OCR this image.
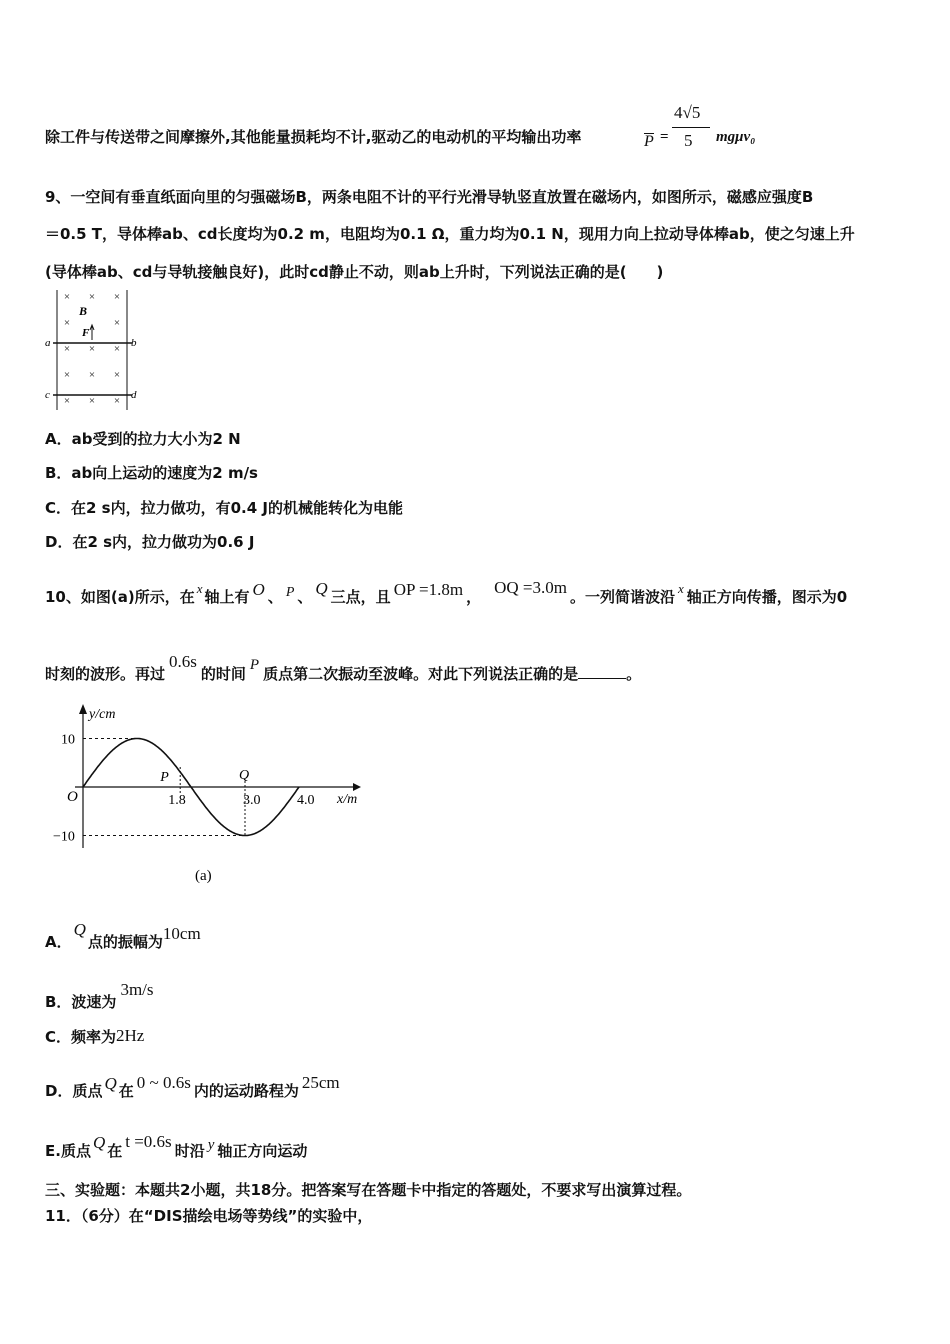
除工件与传送带之间摩擦外,其他能量损耗均不计,驱动乙的电动机的平均输出功率	P =
4√5
5 mgμv₀
9、一空间有垂直纸面向里的匀强磁场B，两条电阻不计的平行光滑导轨竖直放置在磁场内，如图所示，磁感应强度B
＝0.5 T，导体棒ab、cd长度均为0.2 m，电阻均为0.1 Ω，重力均为0.1 N，现用力向上拉动导体棒ab，使之匀速上升
(导体棒ab、cd与导轨接触良好)，此时cd静止不动，则ab上升时，下列说法正确的是(　　)
× × ×
×	×
× × ×
× × ×
× × ×
B
F
a	b
c	d
A．ab受到的拉力大小为2 N
B．ab向上运动的速度为2 m/s
C．在2 s内，拉力做功，有0.4 J的机械能转化为电能
D．在2 s内，拉力做功为0.6 J
10、如图(a)所示，在 x 轴上有 O 、 P 、 Q 三点，且 OP =1.8m ， OQ =3.0m 。一列简谐波沿 x 轴正方向传播，图示为0
时刻的波形。再过0.6s的时间 P 质点第二次振动至波峰。对此下列说法正确的是	。
y/cm
x/m
O	1.8	3.0	4.0
10
−10
P	Q
(a)
A．Q点的振幅为10cm
B．波速为3m/s
C．频率为2Hz
D．质点 Q 在 0 ~ 0.6s 内的运动路程为 25cm
E.质点 Q 在 t =0.6s 时沿 y 轴正方向运动
三、实验题：本题共2小题，共18分。把答案写在答题卡中指定的答题处，不要求写出演算过程。
11．（6分）在“DIS描绘电场等势线”的实验中，
